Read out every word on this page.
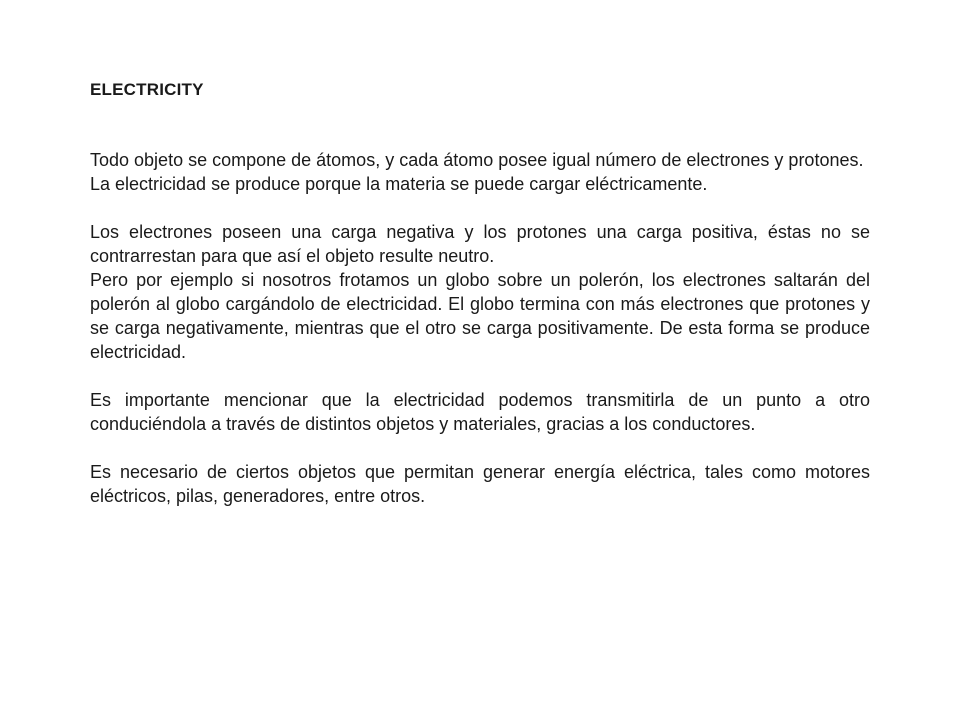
ELECTRICITY

Todo objeto se compone de átomos, y cada átomo posee igual número de electrones y protones.

La electricidad se produce porque la materia se puede cargar eléctricamente.

Los electrones poseen una carga negativa y los protones una carga positiva, éstas no se contrarrestan para que así el objeto resulte neutro.

Pero por ejemplo si nosotros frotamos un globo sobre un polerón, los electrones saltarán del polerón al globo cargándolo de electricidad. El globo termina con más electrones que protones y se carga negativamente, mientras que el otro se carga positivamente. De esta forma se produce electricidad.

Es importante mencionar que la electricidad podemos transmitirla de un punto a otro conduciéndola a través de distintos objetos y materiales, gracias a los conductores.

Es necesario de ciertos objetos que permitan generar energía eléctrica, tales como motores eléctricos, pilas, generadores, entre otros.
